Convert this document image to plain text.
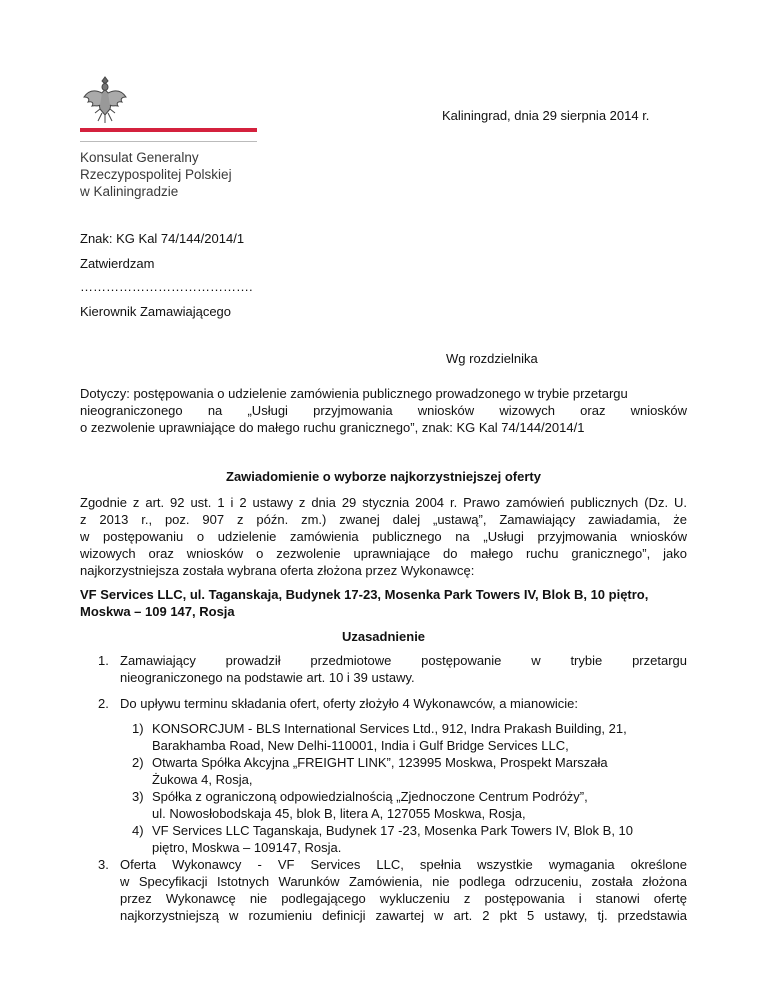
Konsulat Generalny
Rzeczypospolitej Polskiej
w Kaliningradzie
Kaliningrad, dnia 29 sierpnia 2014 r.
Znak: KG Kal 74/144/2014/1
Zatwierdzam
………………………………….
Kierownik Zamawiającego
Wg rozdzielnika
Dotyczy: postępowania o udzielenie zamówienia publicznego prowadzonego w trybie przetargu
nieograniczonego na „Usługi przyjmowania wniosków wizowych oraz wniosków
o zezwolenie uprawniające do małego ruchu granicznego”, znak: KG Kal 74/144/2014/1
Zawiadomienie o wyborze najkorzystniejszej oferty
Zgodnie z art. 92 ust. 1 i 2 ustawy z dnia 29 stycznia 2004 r. Prawo zamówień publicznych (Dz. U.
z 2013 r., poz. 907 z późn. zm.) zwanej dalej „ustawą”, Zamawiający zawiadamia, że
w postępowaniu o udzielenie zamówienia publicznego na „Usługi przyjmowania wniosków
wizowych oraz wniosków o zezwolenie uprawniające do małego ruchu granicznego”, jako
najkorzystniejsza została wybrana oferta złożona przez Wykonawcę:
VF Services LLC, ul. Taganskaja, Budynek 17-23, Mosenka Park Towers IV, Blok B, 10 piętro,
Moskwa – 109 147, Rosja
Uzasadnienie
1. Zamawiający prowadził przedmiotowe postępowanie w trybie przetargu
nieograniczonego na podstawie art. 10 i 39 ustawy.
2. Do upływu terminu składania ofert, oferty złożyło 4 Wykonawców, a mianowicie:
1) KONSORCJUM - BLS International Services Ltd., 912, Indra Prakash Building, 21,
Barakhamba Road, New Delhi-110001, India i Gulf Bridge Services LLC,
2) Otwarta Spółka Akcyjna „FREIGHT LINK”, 123995 Moskwa, Prospekt Marszała
Żukowa 4, Rosja,
3) Spółka z ograniczoną odpowiedzialnością „Zjednoczone Centrum Podróży”,
ul. Nowosłobodskaja 45, blok B, litera A, 127055 Moskwa, Rosja,
4) VF Services LLC Taganskaja, Budynek 17 -23, Mosenka Park Towers IV, Blok B, 10
piętro, Moskwa – 109147, Rosja.
3. Oferta Wykonawcy - VF Services LLC, spełnia wszystkie wymagania określone
w Specyfikacji Istotnych Warunków Zamówienia, nie podlega odrzuceniu, została złożona
przez Wykonawcę nie podlegającego wykluczeniu z postępowania i stanowi ofertę
najkorzystniejszą w rozumieniu definicji zawartej w art. 2 pkt 5 ustawy, tj. przedstawia
